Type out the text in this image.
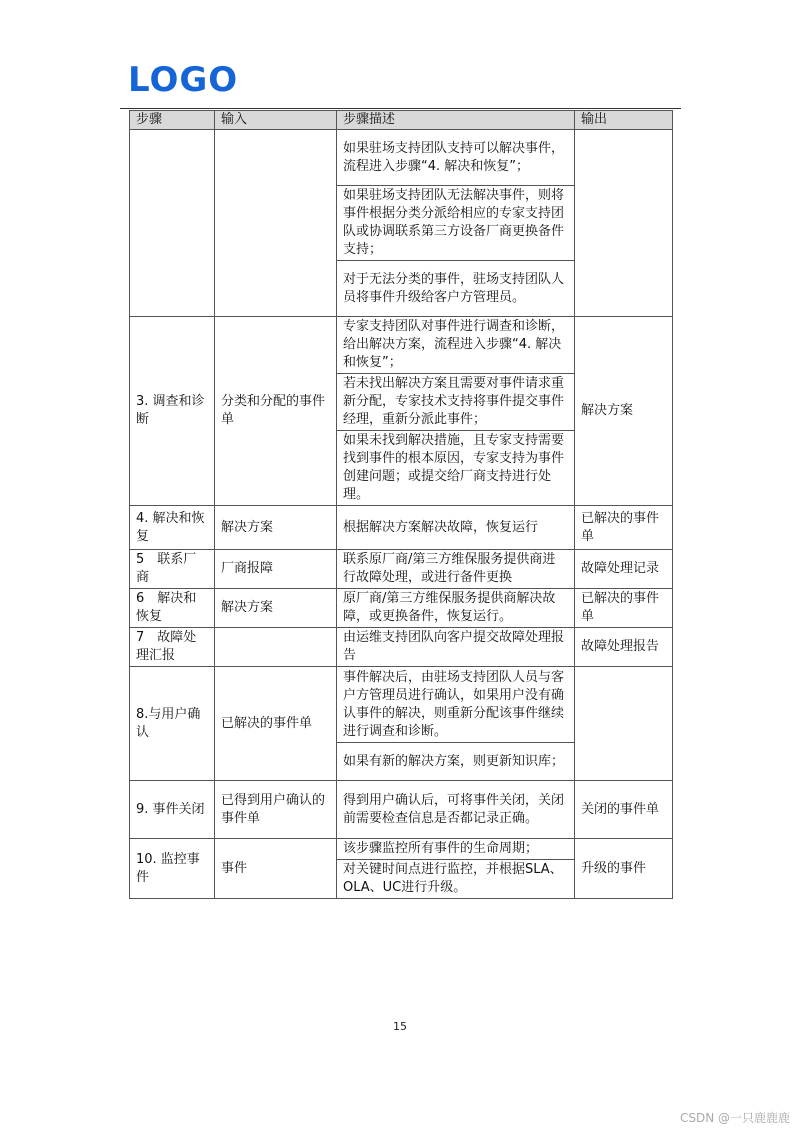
LOGO
步骤	输入	步骤描述	输出
		如果驻场支持团队支持可以解决事件，流程进入步骤“4. 解决和恢复”；	
		如果驻场支持团队无法解决事件，则将事件根据分类分派给相应的专家支持团队或协调联系第三方设备厂商更换备件支持；	
		对于无法分类的事件，驻场支持团队人员将事件升级给客户方管理员。	
3. 调查和诊断	分类和分配的事件单	专家支持团队对事件进行调查和诊断，给出解决方案，流程进入步骤“4. 解决和恢复”；	解决方案
		若未找出解决方案且需要对事件请求重新分配，专家技术支持将事件提交事件经理，重新分派此事件；	
		如果未找到解决措施，且专家支持需要找到事件的根本原因，专家支持为事件创建问题；或提交给厂商支持进行处理。	
4. 解决和恢复	解决方案	根据解决方案解决故障，恢复运行	已解决的事件单
5　联系厂商	厂商报障	联系原厂商/第三方维保服务提供商进行故障处理，或进行备件更换	故障处理记录
6　解决和恢复	解决方案	原厂商/第三方维保服务提供商解决故障，或更换备件，恢复运行。	已解决的事件单
7　故障处理汇报		由运维支持团队向客户提交故障处理报告	故障处理报告
8.与用户确认	已解决的事件单	事件解决后，由驻场支持团队人员与客户方管理员进行确认，如果用户没有确认事件的解决，则重新分配该事件继续进行调查和诊断。	
		如果有新的解决方案，则更新知识库；	
9. 事件关闭	已得到用户确认的事件单	得到用户确认后，可将事件关闭，关闭前需要检查信息是否都记录正确。	关闭的事件单
10. 监控事件	事件	该步骤监控所有事件的生命周期；	升级的事件
		对关键时间点进行监控，并根据SLA、OLA、UC进行升级。	
15
CSDN @一只鹿鹿鹿
